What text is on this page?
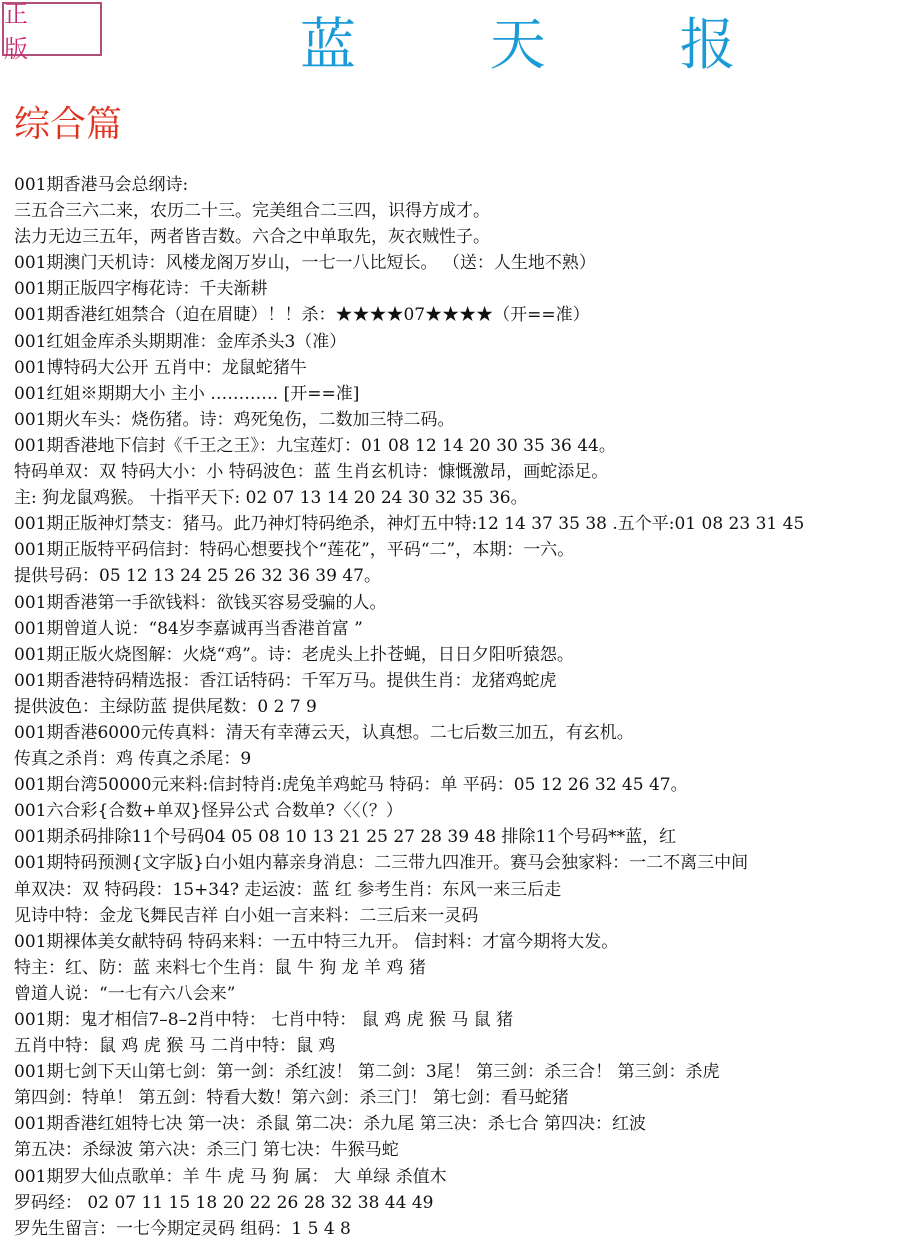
正 版	蓝 天 报
综合篇
001期香港马会总纲诗:
三五合三六二来，农历二十三。完美组合二三四，识得方成才。
法力无边三五年，两者皆吉数。六合之中单取先，灰衣贼性子。
001期澳门天机诗：风楼龙阁万岁山，一七一八比短长。 （送：人生地不熟）
001期正版四字梅花诗：千夫渐耕
001期香港红姐禁合（迫在眉睫）！！杀：★★★★07★★★★（开==准）
001红姐金库杀头期期准：金库杀头3（准）
001博特码大公开 五肖中：龙鼠蛇猪牛
001红姐※期期大小 主小 ………… [开==准]
001期火车头：烧伤猪。诗：鸡死兔伤，二数加三特二码。
001期香港地下信封《千王之王》：九宝莲灯：01 08 12 14 20 30 35 36 44。
特码单双：双 特码大小：小 特码波色：蓝 生肖玄机诗：慷慨激昂，画蛇添足。
主: 狗龙鼠鸡猴。 十指平天下: 02 07 13 14 20 24 30 32 35 36。
001期正版神灯禁支：猪马。此乃神灯特码绝杀，神灯五中特:12 14 37 35 38 .五个平:01 08 23 31 45
001期正版特平码信封：特码心想要找个“莲花”，平码“二”，本期：一六。
提供号码：05 12 13 24 25 26 32 36 39 47。
001期香港第一手欲钱料：欲钱买容易受骗的人。
001期曾道人说：“84岁李嘉诚再当香港首富 ”
001期正版火烧图解：火烧“鸡”。诗：老虎头上扑苍蝇，日日夕阳听猿怨。
001期香港特码精选报：香江话特码：千军万马。提供生肖：龙猪鸡蛇虎
提供波色：主绿防蓝 提供尾数：0 2 7 9
001期香港6000元传真料：清天有幸薄云天，认真想。二七后数三加五，有玄机。
传真之杀肖：鸡 传真之杀尾：9
001期台湾50000元来料:信封特肖:虎兔羊鸡蛇马 特码：单 平码：05 12 26 32 45 47。
001六合彩{合数+单双}怪异公式 合数单?〈〈（？）
001期杀码排除11个号码04 05 08 10 13 21 25 27 28 39 48 排除11个号码**蓝，红
001期特码预测{文字版}白小姐内幕亲身消息：二三带九四准开。赛马会独家料：一二不离三中间
单双决：双 特码段：15+34? 走运波：蓝 红 参考生肖：东风一来三后走
见诗中特：金龙飞舞民吉祥 白小姐一言来料：二三后来一灵码
001期裸体美女献特码 特码来料：一五中特三九开。 信封料：才富今期将大发。
特主：红、防：蓝 来料七个生肖：鼠 牛 狗 龙 羊 鸡 猪
曾道人说：“一七有六八会来”
001期：鬼才相信7–8–2肖中特： 七肖中特： 鼠 鸡 虎 猴 马 鼠 猪
五肖中特：鼠 鸡 虎 猴 马 二肖中特：鼠 鸡
001期七剑下天山第七剑：第一剑：杀红波！ 第二剑：3尾！ 第三剑：杀三合！ 第三剑：杀虎
第四剑：特单！ 第五剑：特看大数！第六剑：杀三门！ 第七剑：看马蛇猪
001期香港红姐特七决 第一决：杀鼠 第二决：杀九尾 第三决：杀七合 第四决：红波
第五决：杀绿波 第六决：杀三门 第七决：牛猴马蛇
001期罗大仙点歌单：羊 牛 虎 马 狗 属： 大 单绿 杀值木
罗码经： 02 07 11 15 18 20 22 26 28 32 38 44 49
罗先生留言：一七今期定灵码 组码：1 5 4 8
